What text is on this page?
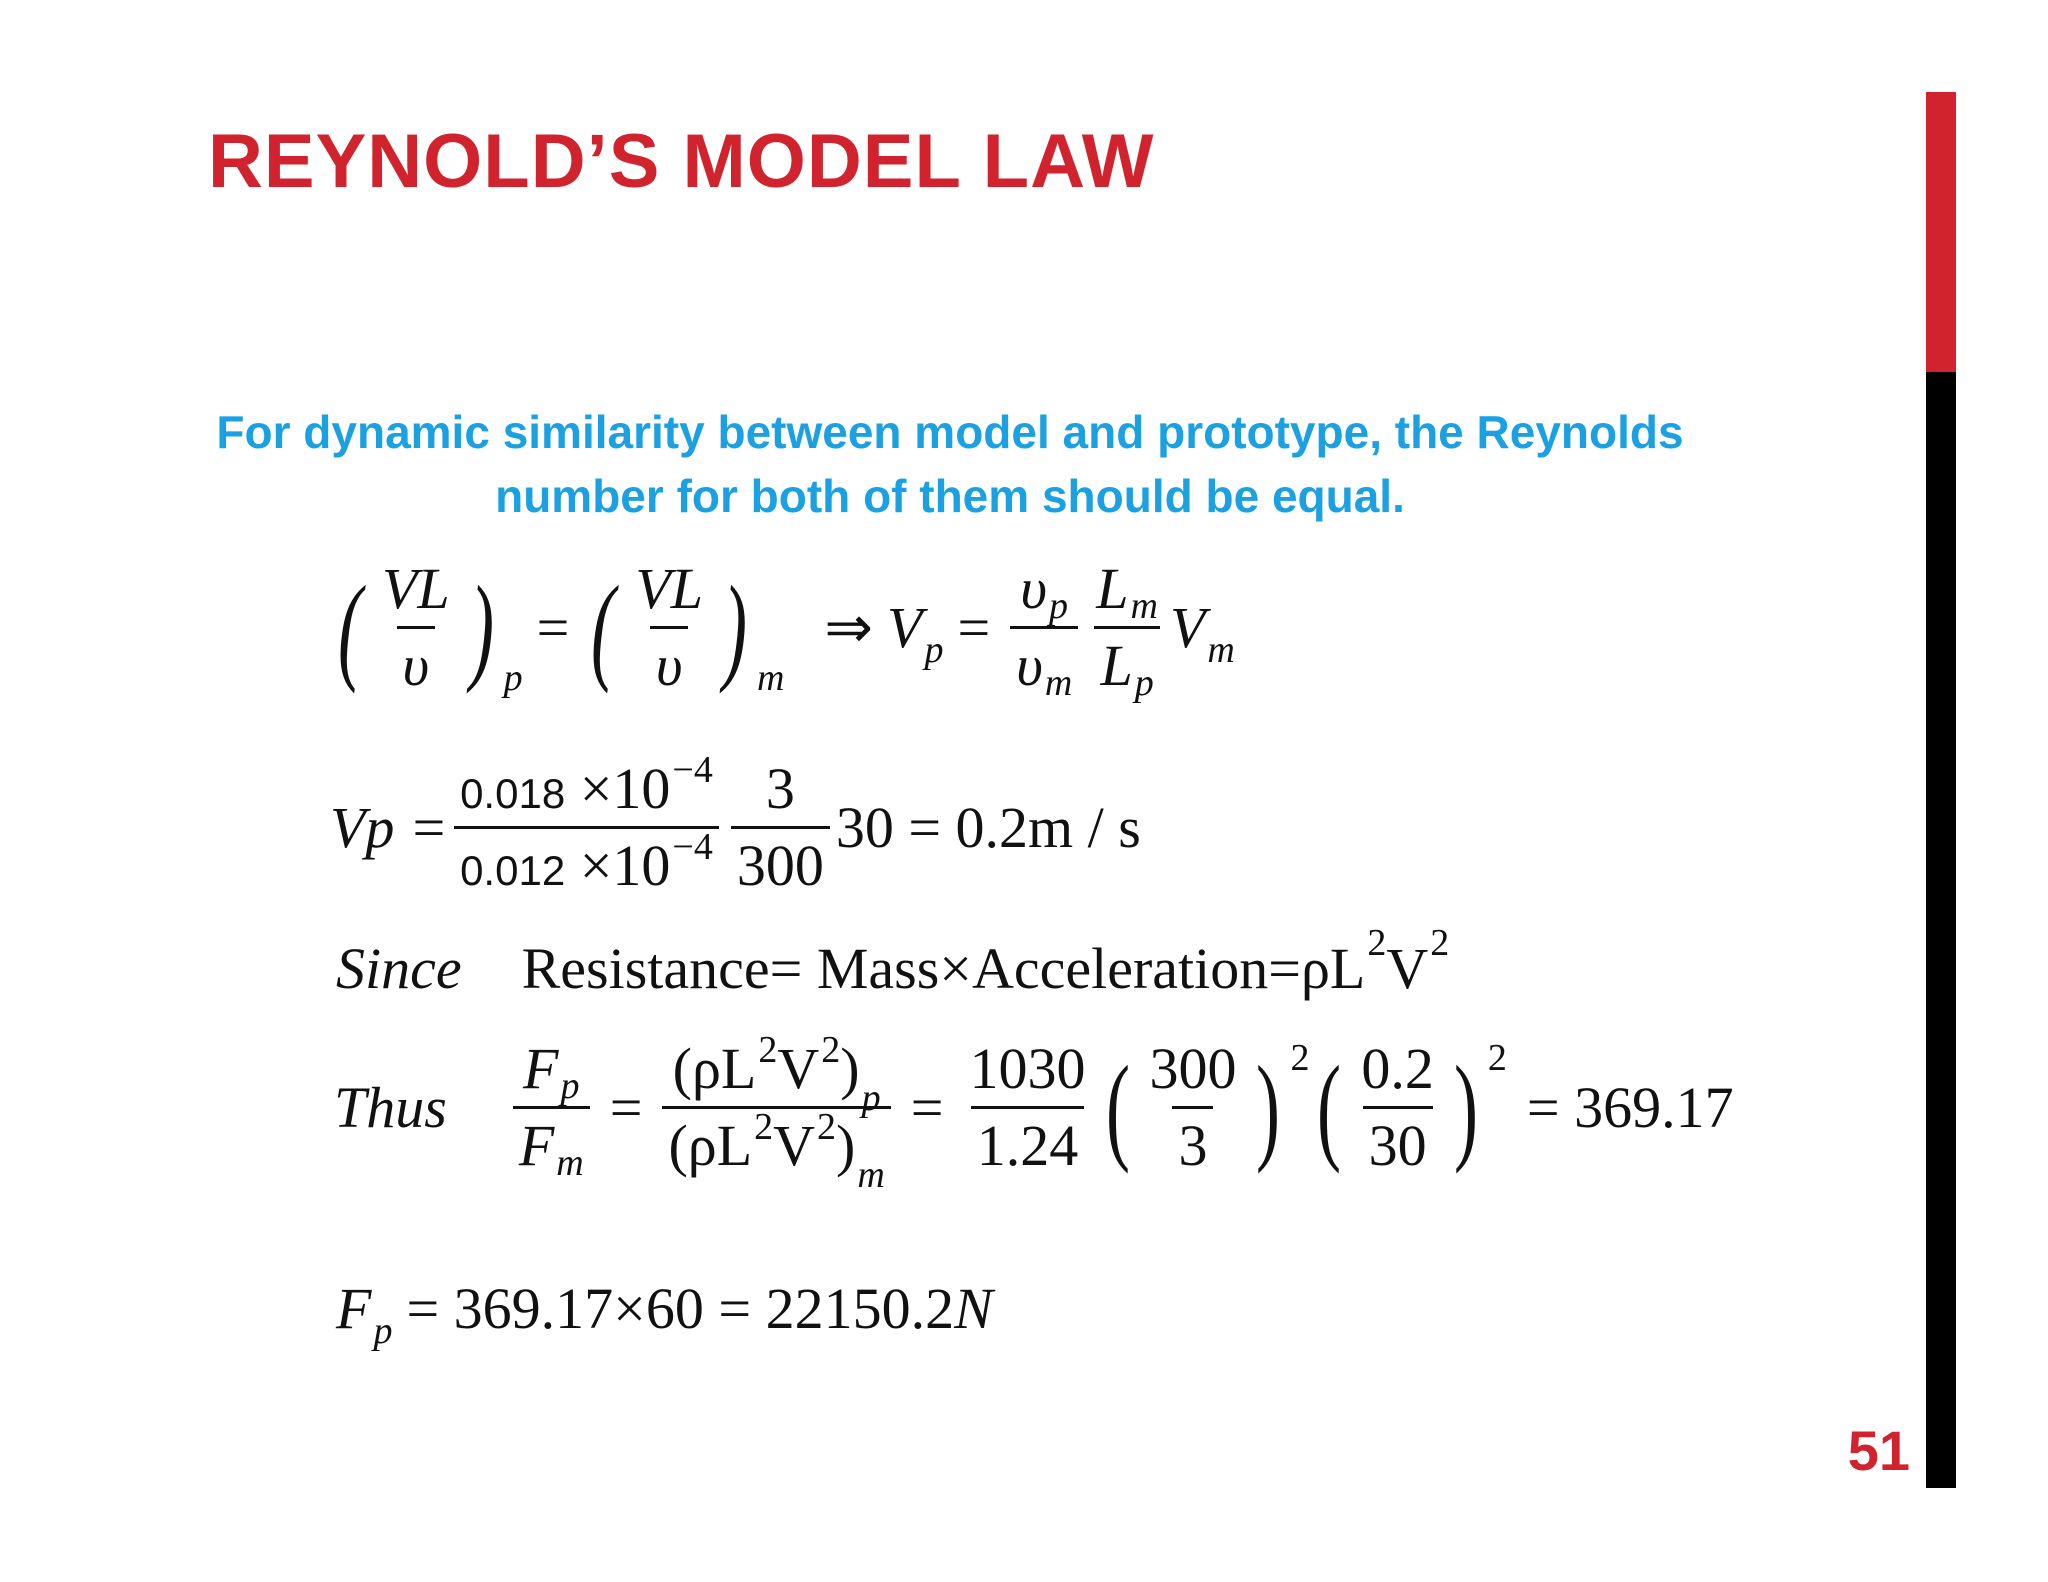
REYNOLD’S MODEL LAW
51
For dynamic similarity between model and prototype, the Reynolds number for both of them should be equal.
( $\frac{VL}{\upsilon}$ ) p
= ( $\frac{VL}{\upsilon}$ ) m
⇒ V $p = \frac{\upsilon p}{\upsilon m} \frac{Lm}{Lp}$ V m
$Vp = \frac{0.018 \times 10^{-4}}{0.012 \times 10^{-4}} \frac{3}{300} 30 = 0.2m / s$
Since Resistance= Mass×Acceleration=ρL 2 V 2
Thus $\frac{Fp}{Fm} = \frac{(\rho L^2V^2)_p}{(\rho L^2V^2)_m} = \frac{1030}{1.24}$ ( $\frac{300}{3}$ ) 2 ( $\frac{0.2}{30}$ ) 2
= 369.17
F p = 369.17×60 = 22150.2 N
